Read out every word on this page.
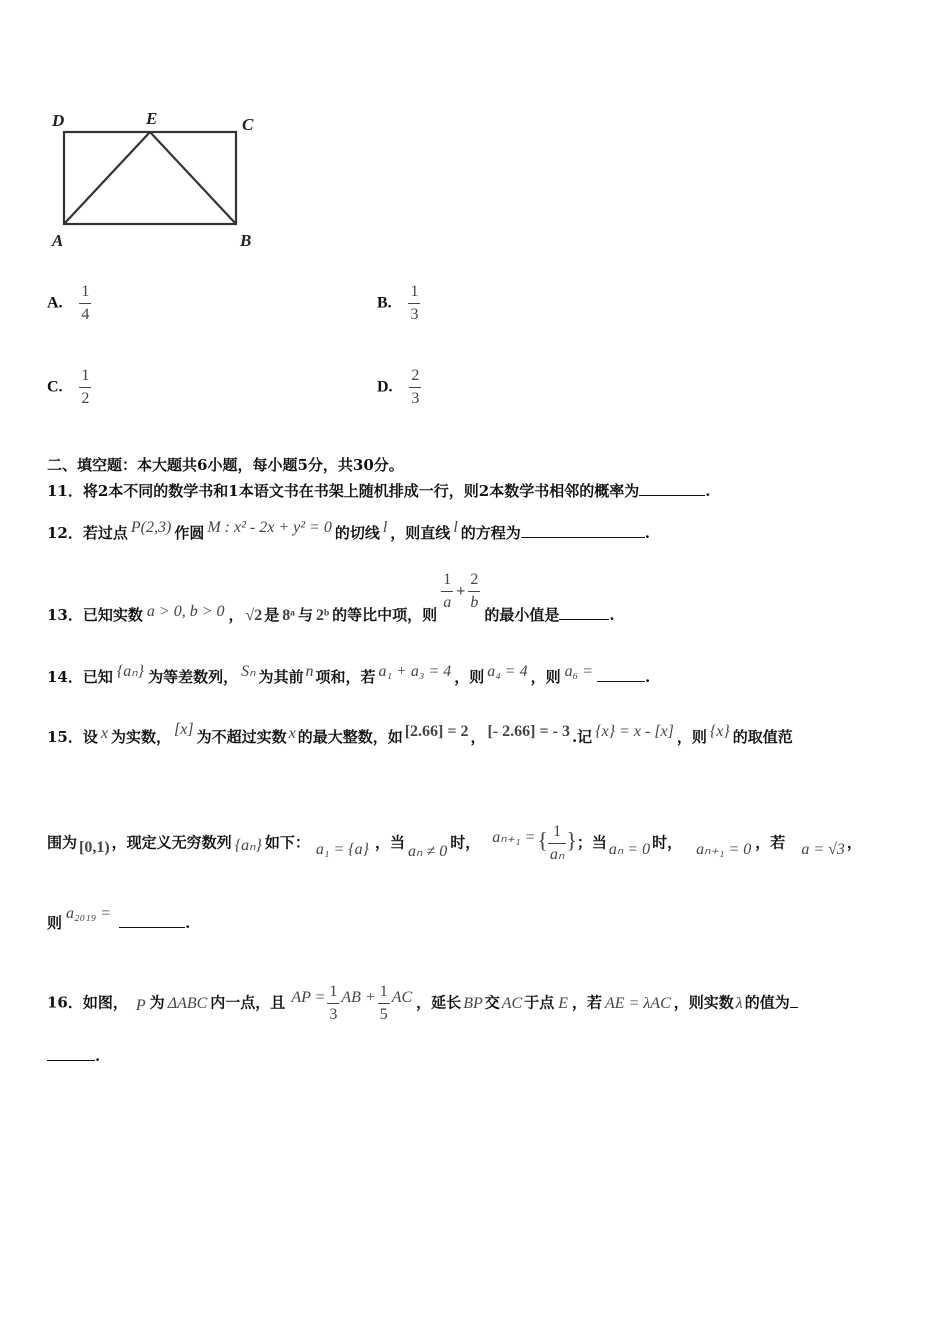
D	E	C
A	B
A. $\frac{1}{4}$	B. $\frac{1}{3}$
C. $\frac{1}{2}$	D. $\frac{2}{3}$
二、填空题：本大题共6小题，每小题5分，共30分。
11．将2本不同的数学书和1本语文书在书架上随机排成一行，则2本数学书相邻的概率为	.
12．若过点 P(2,3) 作圆 M : x² - 2x + y² = 0 的切线 l ，则直线 l 的方程为	.
13．已知实数 a > 0, b > 0 ， √2 是 8ᵃ 与 2ᵇ 的等比中项，则
$\frac{1}{a} + \frac{2}{b}$
的最小值是	.
14．已知 {aₙ} 为等差数列， Sₙ 为其前 n 项和，若 a₁ + a₃ = 4 ，则 a₄ = 4 ，则 a₆ =	.
15．设 x 为实数， [x] 为不超过实数 x 的最大整数，如 [2.66] = 2 ， [- 2.66] = - 3 .记 {x} = x - [x] ，则 {x} 的取值范
围为 [0,1) ，现定义无穷数列 {aₙ} 如下： a₁ = {a} ，当 aₙ ≠ 0 时， aₙ₊₁ ={ $\frac{1}{\text{aₙ}}$ }；当 aₙ = 0 时， aₙ₊₁ = 0 ，若 a = √3 ，
则a₂₀₁₉ =.
16．如图， P 为 ΔABC 内一点，且 AP = $\frac{1}{3}$ AB + $\frac{1}{5}$ AC ，延长 BP 交 AC 于点 E ，若 AE = λAC ，则实数 λ 的值为
.
